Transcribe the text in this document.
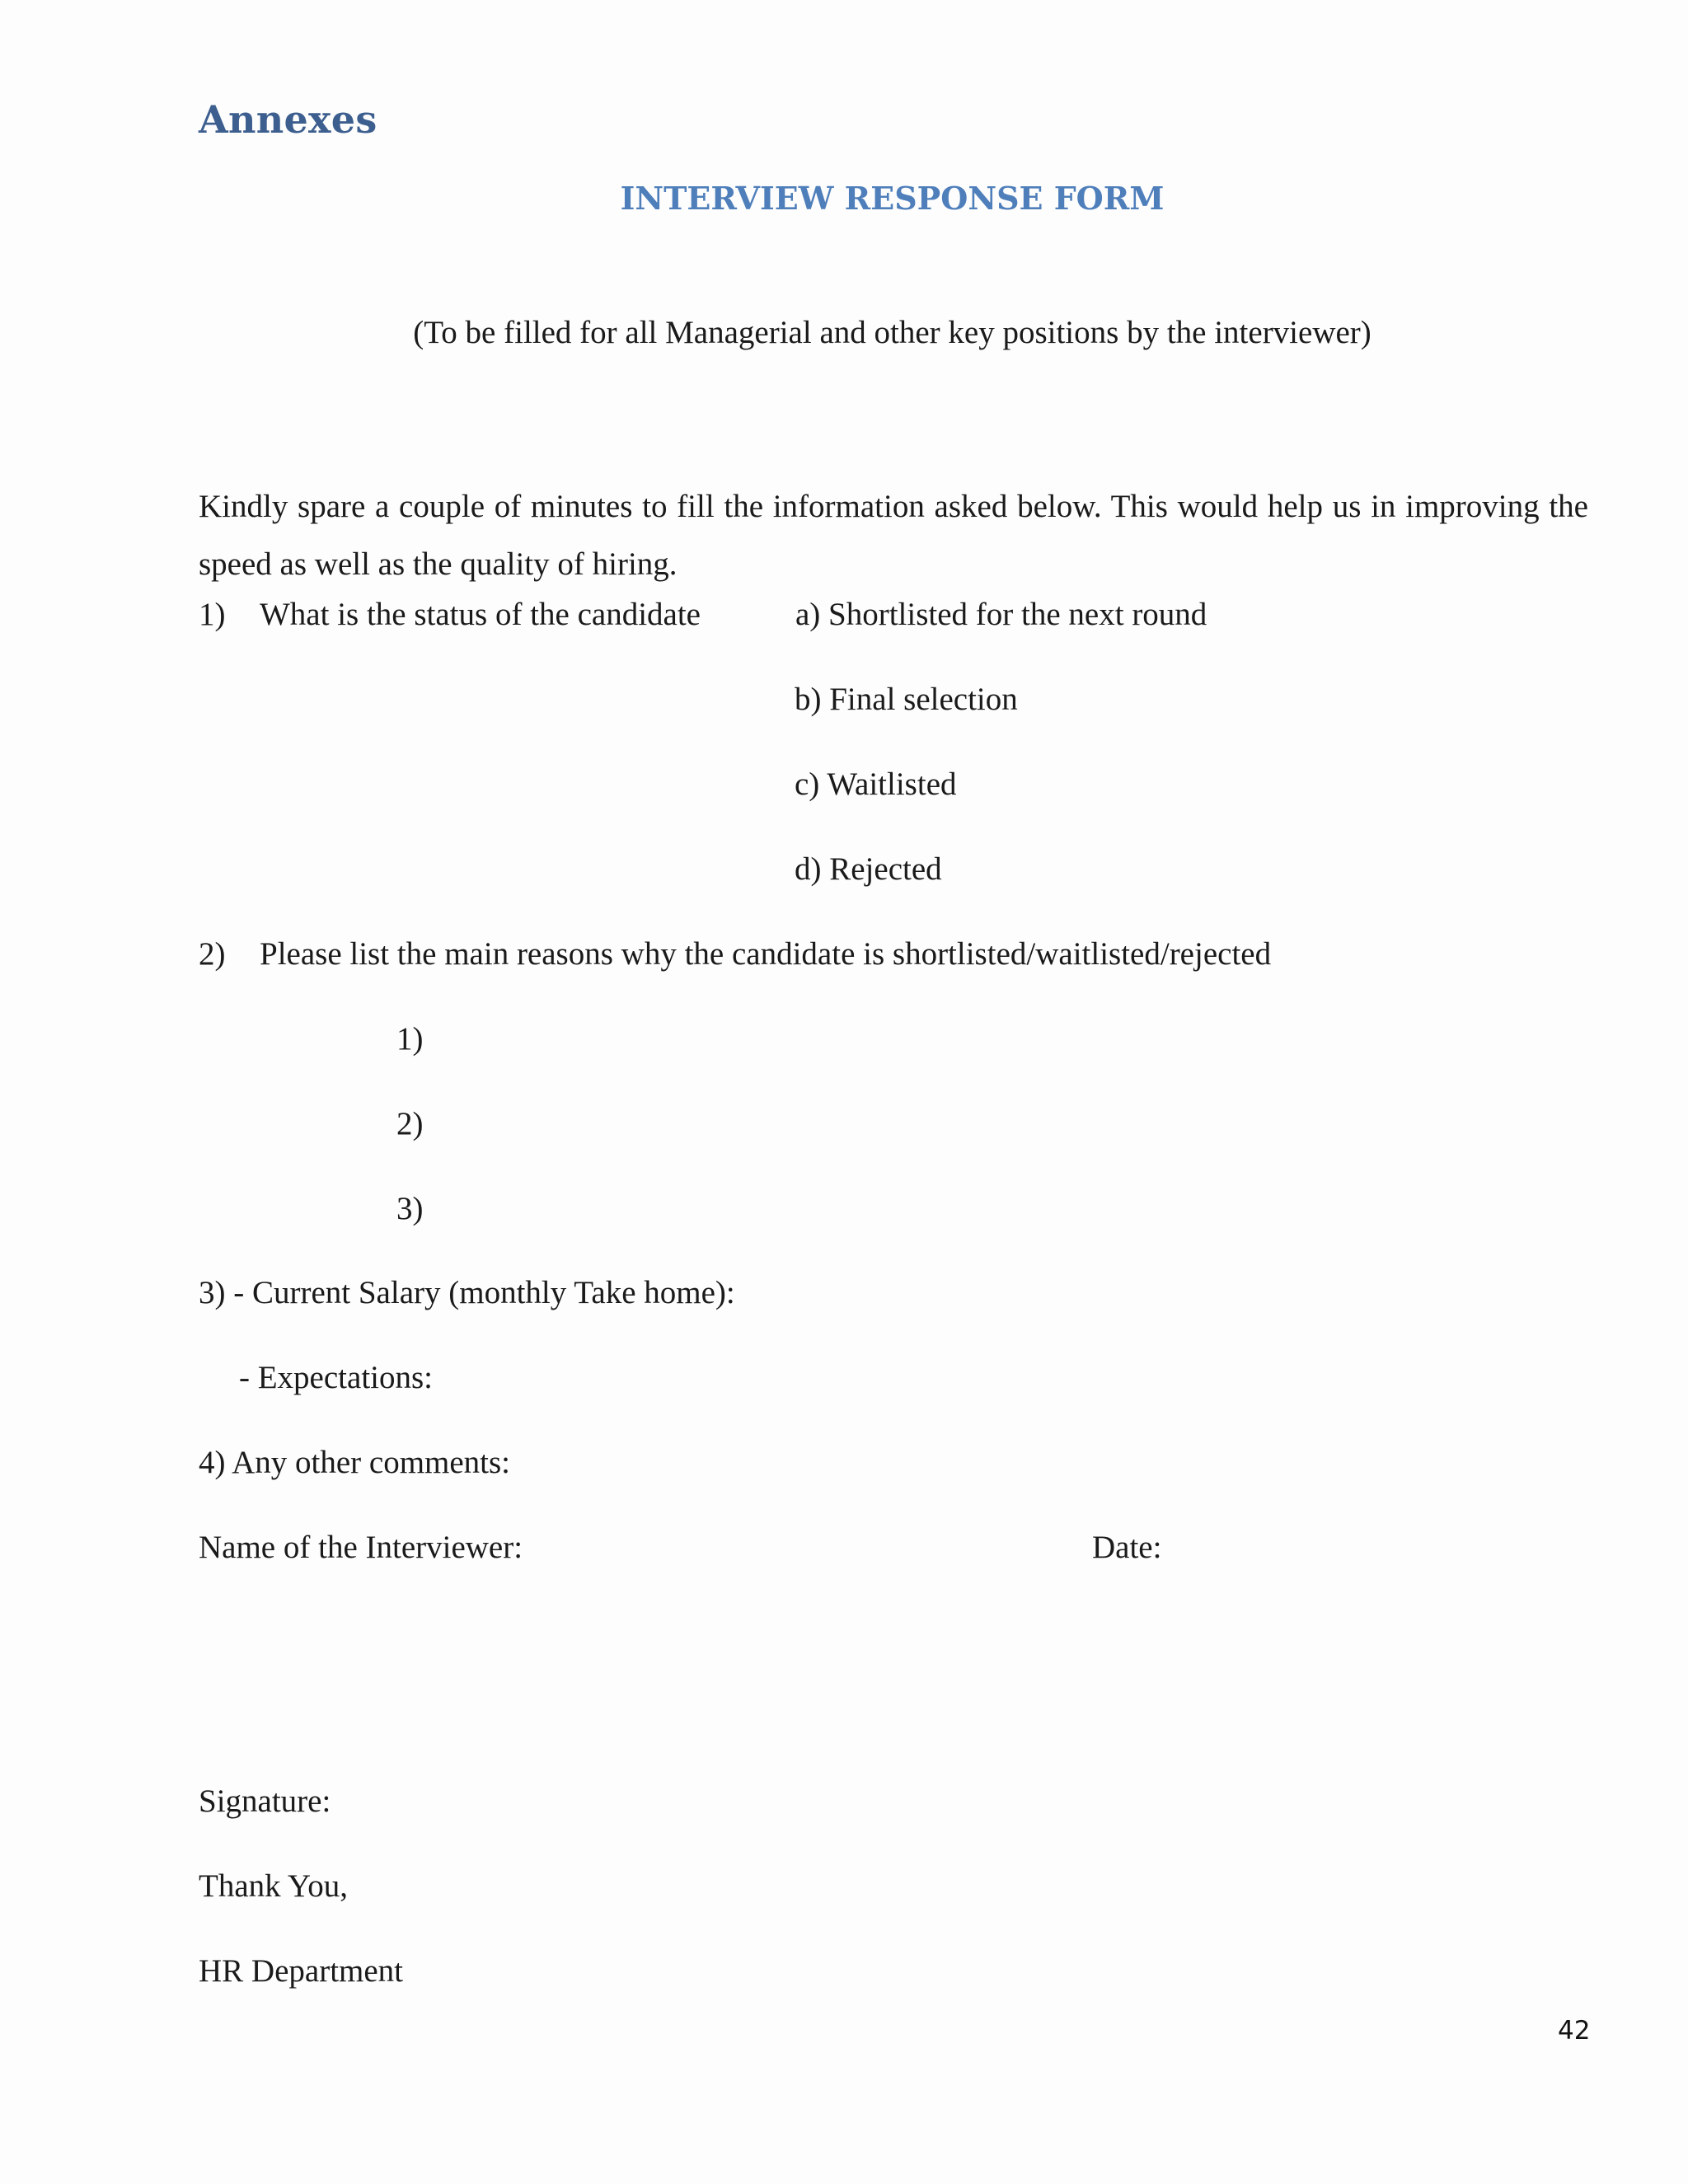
Annexes
INTERVIEW RESPONSE FORM
(To be filled for all Managerial and other key positions by the interviewer)
Kindly spare a couple of minutes to fill the information asked below. This would help us in improving the speed as well as the quality of hiring.
1) What is the status of the candidate	a) Shortlisted for the next round
b) Final selection
c) Waitlisted
d) Rejected
2) Please list the main reasons why the candidate is shortlisted/waitlisted/rejected
1)
2)
3)
3) - Current Salary (monthly Take home):
- Expectations:
4) Any other comments:
Name of the Interviewer:	Date:
Signature:
Thank You,
HR Department
42
